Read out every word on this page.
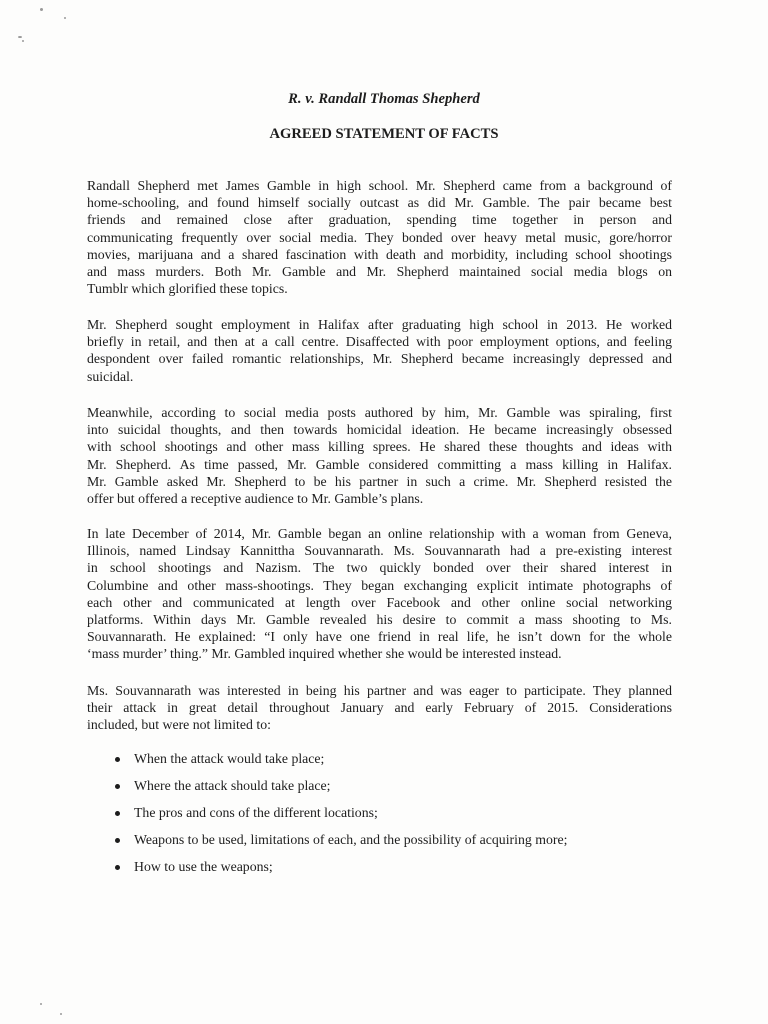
R. v. Randall Thomas Shepherd
AGREED STATEMENT OF FACTS

Randall Shepherd met James Gamble in high school. Mr. Shepherd came from a background of
home-schooling, and found himself socially outcast as did Mr. Gamble. The pair became best
friends and remained close after graduation, spending time together in person and
communicating frequently over social media. They bonded over heavy metal music, gore/horror
movies, marijuana and a shared fascination with death and morbidity, including school shootings
and mass murders. Both Mr. Gamble and Mr. Shepherd maintained social media blogs on
Tumblr which glorified these topics.

Mr. Shepherd sought employment in Halifax after graduating high school in 2013. He worked
briefly in retail, and then at a call centre. Disaffected with poor employment options, and feeling
despondent over failed romantic relationships, Mr. Shepherd became increasingly depressed and
suicidal.

Meanwhile, according to social media posts authored by him, Mr. Gamble was spiraling, first
into suicidal thoughts, and then towards homicidal ideation. He became increasingly obsessed
with school shootings and other mass killing sprees. He shared these thoughts and ideas with
Mr. Shepherd. As time passed, Mr. Gamble considered committing a mass killing in Halifax.
Mr. Gamble asked Mr. Shepherd to be his partner in such a crime. Mr. Shepherd resisted the
offer but offered a receptive audience to Mr. Gamble’s plans.

In late December of 2014, Mr. Gamble began an online relationship with a woman from Geneva,
Illinois, named Lindsay Kannittha Souvannarath. Ms. Souvannarath had a pre-existing interest
in school shootings and Nazism. The two quickly bonded over their shared interest in
Columbine and other mass-shootings. They began exchanging explicit intimate photographs of
each other and communicated at length over Facebook and other online social networking
platforms. Within days Mr. Gamble revealed his desire to commit a mass shooting to Ms.
Souvannarath. He explained: “I only have one friend in real life, he isn’t down for the whole
‘mass murder’ thing.” Mr. Gambled inquired whether she would be interested instead.

Ms. Souvannarath was interested in being his partner and was eager to participate. They planned
their attack in great detail throughout January and early February of 2015. Considerations
included, but were not limited to:

When the attack would take place;
Where the attack should take place;
The pros and cons of the different locations;
Weapons to be used, limitations of each, and the possibility of acquiring more;
How to use the weapons;
